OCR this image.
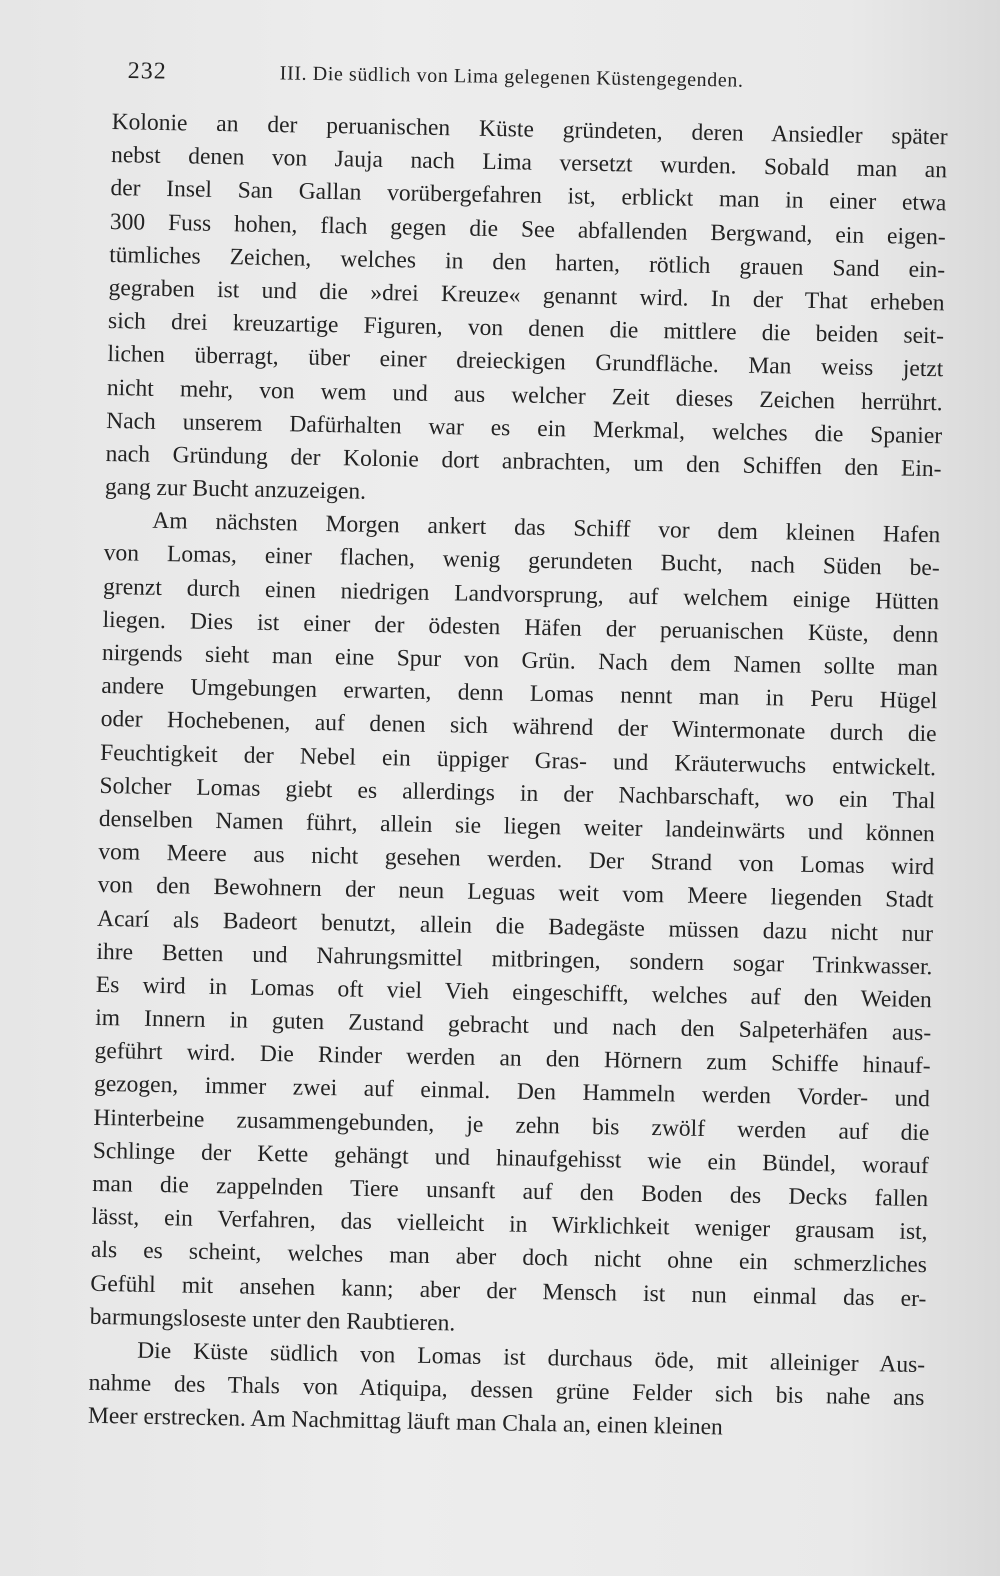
232	III. Die südlich von Lima gelegenen Küstengegenden.
Kolonie an der peruanischen Küste gründeten, deren Ansiedler später
nebst denen von Jauja nach Lima versetzt wurden. Sobald man an
der Insel San Gallan vorübergefahren ist, erblickt man in einer etwa
300 Fuss hohen, flach gegen die See abfallenden Bergwand, ein eigen-
tümliches Zeichen, welches in den harten, rötlich grauen Sand ein-
gegraben ist und die »drei Kreuze« genannt wird. In der That erheben
sich drei kreuzartige Figuren, von denen die mittlere die beiden seit-
lichen überragt, über einer dreieckigen Grundfläche. Man weiss jetzt
nicht mehr, von wem und aus welcher Zeit dieses Zeichen herrührt.
Nach unserem Dafürhalten war es ein Merkmal, welches die Spanier
nach Gründung der Kolonie dort anbrachten, um den Schiffen den Ein-
gang zur Bucht anzuzeigen.
Am nächsten Morgen ankert das Schiff vor dem kleinen Hafen
von Lomas, einer flachen, wenig gerundeten Bucht, nach Süden be-
grenzt durch einen niedrigen Landvorsprung, auf welchem einige Hütten
liegen. Dies ist einer der ödesten Häfen der peruanischen Küste, denn
nirgends sieht man eine Spur von Grün. Nach dem Namen sollte man
andere Umgebungen erwarten, denn Lomas nennt man in Peru Hügel
oder Hochebenen, auf denen sich während der Wintermonate durch die
Feuchtigkeit der Nebel ein üppiger Gras- und Kräuterwuchs entwickelt.
Solcher Lomas giebt es allerdings in der Nachbarschaft, wo ein Thal
denselben Namen führt, allein sie liegen weiter landeinwärts und können
vom Meere aus nicht gesehen werden. Der Strand von Lomas wird
von den Bewohnern der neun Leguas weit vom Meere liegenden Stadt
Acarí als Badeort benutzt, allein die Badegäste müssen dazu nicht nur
ihre Betten und Nahrungsmittel mitbringen, sondern sogar Trinkwasser.
Es wird in Lomas oft viel Vieh eingeschifft, welches auf den Weiden
im Innern in guten Zustand gebracht und nach den Salpeterhäfen aus-
geführt wird. Die Rinder werden an den Hörnern zum Schiffe hinauf-
gezogen, immer zwei auf einmal. Den Hammeln werden Vorder- und
Hinterbeine zusammengebunden, je zehn bis zwölf werden auf die
Schlinge der Kette gehängt und hinaufgehisst wie ein Bündel, worauf
man die zappelnden Tiere unsanft auf den Boden des Decks fallen
lässt, ein Verfahren, das vielleicht in Wirklichkeit weniger grausam ist,
als es scheint, welches man aber doch nicht ohne ein schmerzliches
Gefühl mit ansehen kann; aber der Mensch ist nun einmal das er-
barmungsloseste unter den Raubtieren.
Die Küste südlich von Lomas ist durchaus öde, mit alleiniger Aus-
nahme des Thals von Atiquipa, dessen grüne Felder sich bis nahe ans
Meer erstrecken. Am Nachmittag läuft man Chala an, einen kleinen
